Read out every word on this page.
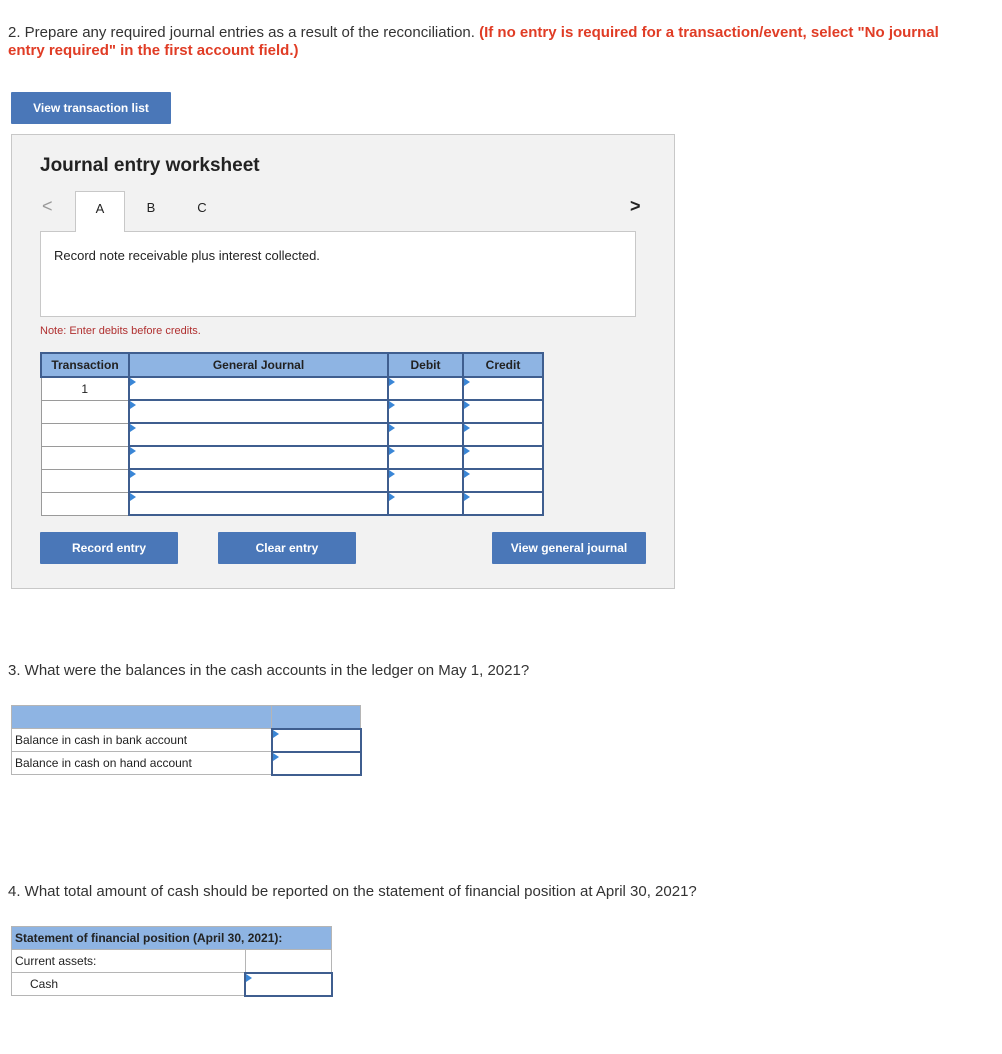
2. Prepare any required journal entries as a result of the reconciliation. (If no entry is required for a transaction/event, select "No journal entry required" in the first account field.)
View transaction list
Journal entry worksheet
<	>
A	B	C
Record note receivable plus interest collected.
Note: Enter debits before credits.
Transaction	General Journal	Debit	Credit
1	

Record entry	Clear entry	View general journal
3. What were the balances in the cash accounts in the ledger on May 1, 2021?

Balance in cash in bank account	

Balance in cash on hand account	
4. What total amount of cash should be reported on the statement of financial position at April 30, 2021?
Statement of financial position (April 30, 2021):	
Current assets:	
Cash	
